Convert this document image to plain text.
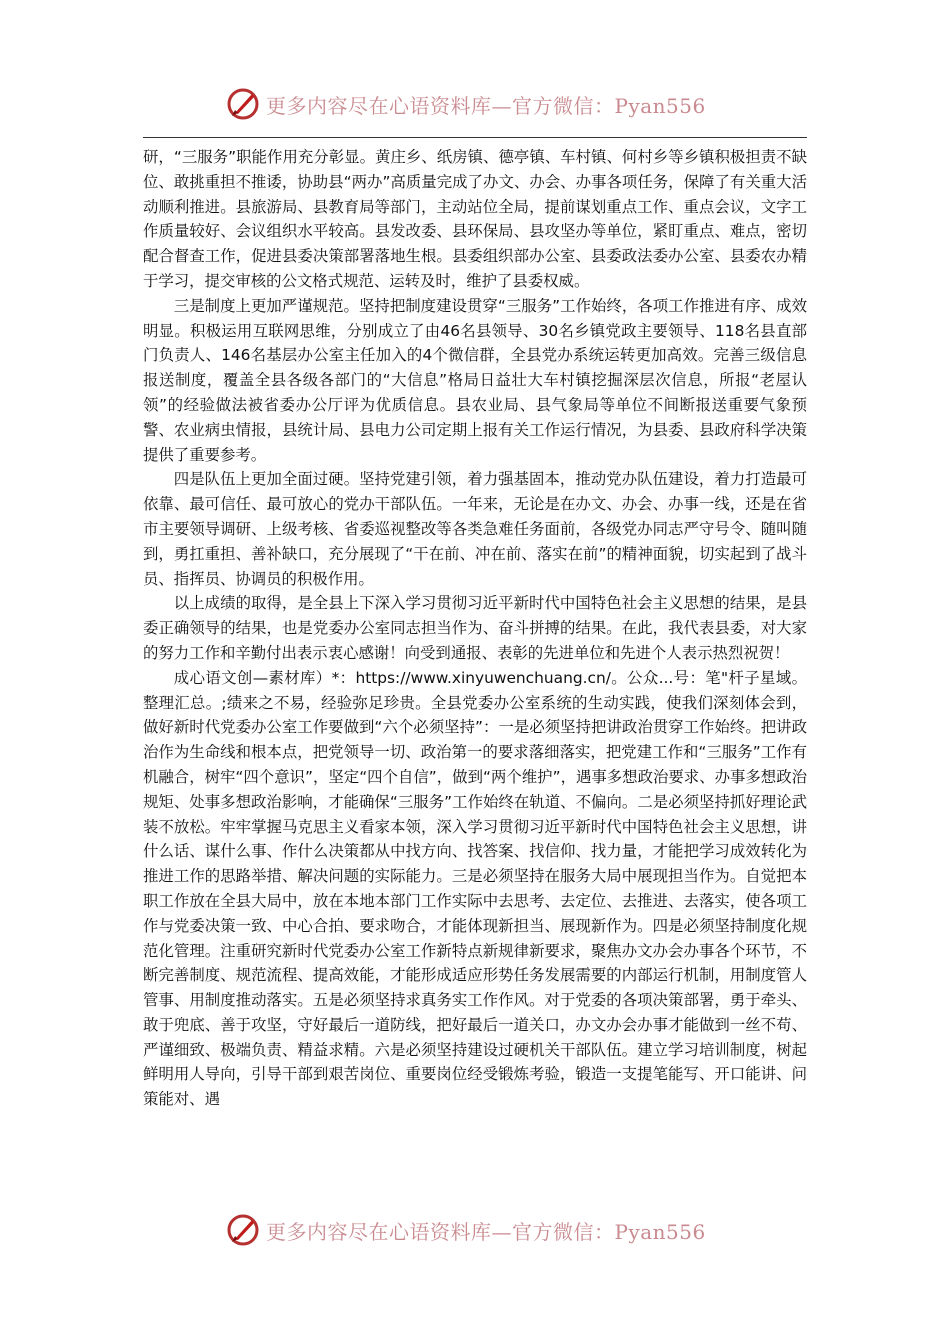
更多内容尽在心语资料库—官方微信：Pyan556

研，“三服务”职能作用充分彰显。黄庄乡、纸房镇、德亭镇、车村镇、何村乡等乡镇积极担责不缺位、敢挑重担不推诿，协助县“两办”高质量完成了办文、办会、办事各项任务，保障了有关重大活动顺利推进。县旅游局、县教育局等部门，主动站位全局，提前谋划重点工作、重点会议，文字工作质量较好、会议组织水平较高。县发改委、县环保局、县攻坚办等单位，紧盯重点、难点，密切配合督查工作，促进县委决策部署落地生根。县委组织部办公室、县委政法委办公室、县委农办精于学习，提交审核的公文格式规范、运转及时，维护了县委权威。

三是制度上更加严谨规范。坚持把制度建设贯穿“三服务”工作始终，各项工作推进有序、成效明显。积极运用互联网思维，分别成立了由46名县领导、30名乡镇党政主要领导、118名县直部门负责人、146名基层办公室主任加入的4个微信群，全县党办系统运转更加高效。完善三级信息报送制度，覆盖全县各级各部门的“大信息”格局日益壮大车村镇挖掘深层次信息，所报“老屋认领”的经验做法被省委办公厅评为优质信息。县农业局、县气象局等单位不间断报送重要气象预警、农业病虫情报，县统计局、县电力公司定期上报有关工作运行情况，为县委、县政府科学决策提供了重要参考。

四是队伍上更加全面过硬。坚持党建引领，着力强基固本，推动党办队伍建设，着力打造最可依靠、最可信任、最可放心的党办干部队伍。一年来，无论是在办文、办会、办事一线，还是在省市主要领导调研、上级考核、省委巡视整改等各类急难任务面前，各级党办同志严守号令、随叫随到，勇扛重担、善补缺口，充分展现了“干在前、冲在前、落实在前”的精神面貌，切实起到了战斗员、指挥员、协调员的积极作用。

以上成绩的取得，是全县上下深入学习贯彻习近平新时代中国特色社会主义思想的结果，是县委正确领导的结果，也是党委办公室同志担当作为、奋斗拼搏的结果。在此，我代表县委，对大家的努力工作和辛勤付出表示衷心感谢！向受到通报、表彰的先进单位和先进个人表示热烈祝贺！

成心语文创—素材库）*：https://www.xinyuwenchuang.cn/。公众...号：笔"杆子星域。整理汇总。;绩来之不易，经验弥足珍贵。全县党委办公室系统的生动实践，使我们深刻体会到，做好新时代党委办公室工作要做到“六个必须坚持”：一是必须坚持把讲政治贯穿工作始终。把讲政治作为生命线和根本点，把党领导一切、政治第一的要求落细落实，把党建工作和“三服务”工作有机融合，树牢“四个意识”，坚定“四个自信”，做到“两个维护”，遇事多想政治要求、办事多想政治规矩、处事多想政治影响，才能确保“三服务”工作始终在轨道、不偏向。二是必须坚持抓好理论武装不放松。牢牢掌握马克思主义看家本领，深入学习贯彻习近平新时代中国特色社会主义思想，讲什么话、谋什么事、作什么决策都从中找方向、找答案、找信仰、找力量，才能把学习成效转化为推进工作的思路举措、解决问题的实际能力。三是必须坚持在服务大局中展现担当作为。自觉把本职工作放在全县大局中，放在本地本部门工作实际中去思考、去定位、去推进、去落实，使各项工作与党委决策一致、中心合拍、要求吻合，才能体现新担当、展现新作为。四是必须坚持制度化规范化管理。注重研究新时代党委办公室工作新特点新规律新要求，聚焦办文办会办事各个环节，不断完善制度、规范流程、提高效能，才能形成适应形势任务发展需要的内部运行机制，用制度管人管事、用制度推动落实。五是必须坚持求真务实工作作风。对于党委的各项决策部署，勇于牵头、敢于兜底、善于攻坚，守好最后一道防线，把好最后一道关口，办文办会办事才能做到一丝不苟、严谨细致、极端负责、精益求精。六是必须坚持建设过硬机关干部队伍。建立学习培训制度，树起鲜明用人导向，引导干部到艰苦岗位、重要岗位经受锻炼考验，锻造一支提笔能写、开口能讲、问策能对、遇

更多内容尽在心语资料库—官方微信：Pyan556
